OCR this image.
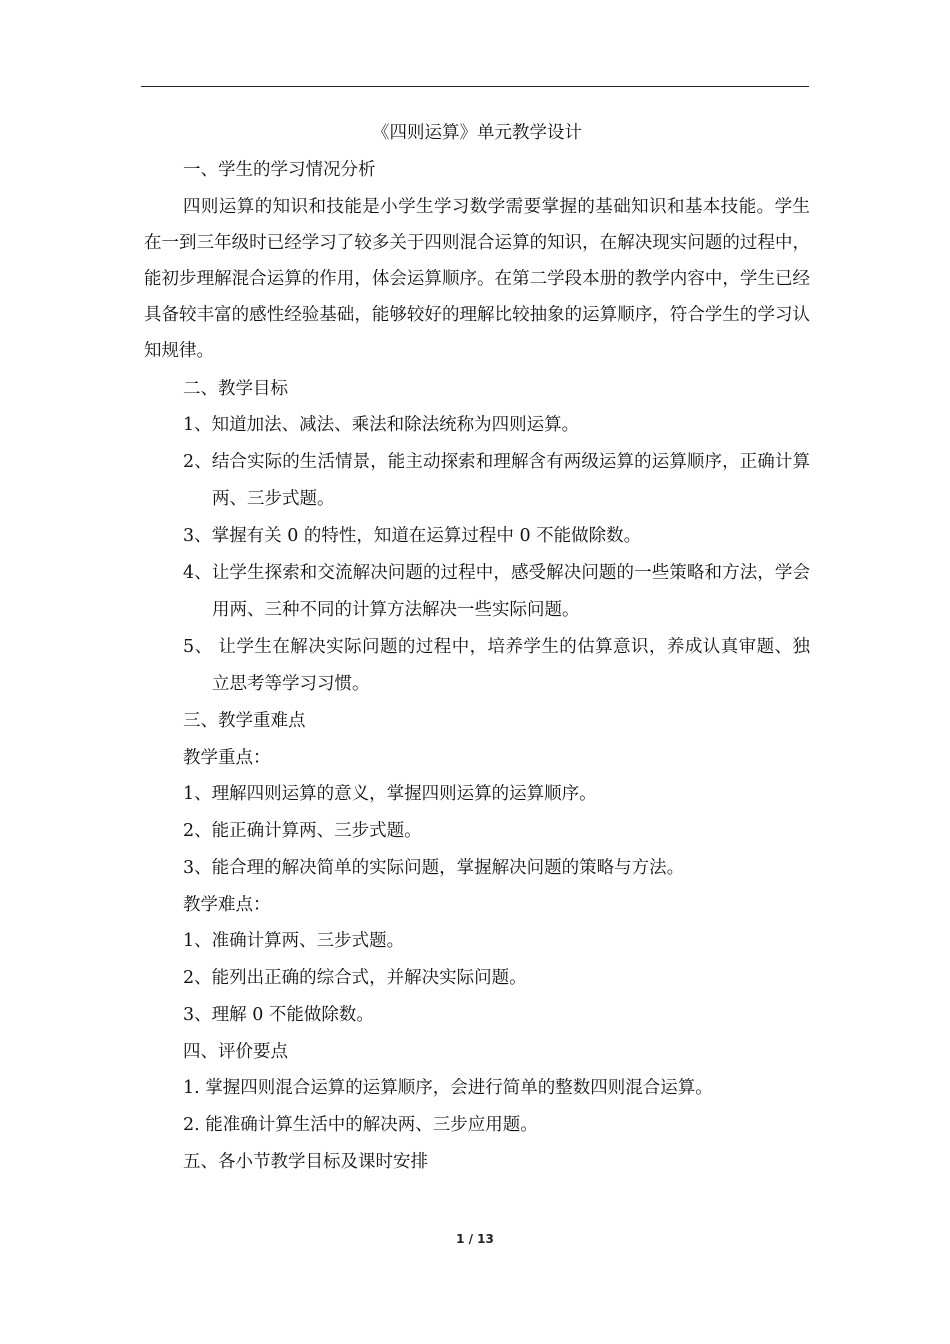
《四则运算》单元教学设计
一、学生的学习情况分析
四则运算的知识和技能是小学生学习数学需要掌握的基础知识和基本技能。学生在一到三年级时已经学习了较多关于四则混合运算的知识，在解决现实问题的过程中，能初步理解混合运算的作用，体会运算顺序。在第二学段本册的教学内容中，学生已经具备较丰富的感性经验基础，能够较好的理解比较抽象的运算顺序，符合学生的学习认知规律。
二、教学目标
1、知道加法、减法、乘法和除法统称为四则运算。
2、结合实际的生活情景，能主动探索和理解含有两级运算的运算顺序，正确计算两、三步式题。
3、掌握有关 0 的特性，知道在运算过程中 0 不能做除数。
4、让学生探索和交流解决问题的过程中，感受解决问题的一些策略和方法，学会用两、三种不同的计算方法解决一些实际问题。
5、 让学生在解决实际问题的过程中，培养学生的估算意识，养成认真审题、独立思考等学习习惯。
三、教学重难点
教学重点：
1、理解四则运算的意义，掌握四则运算的运算顺序。
2、能正确计算两、三步式题。
3、能合理的解决简单的实际问题，掌握解决问题的策略与方法。
教学难点：
1、准确计算两、三步式题。
2、能列出正确的综合式，并解决实际问题。
3、理解 0 不能做除数。
四、评价要点
1. 掌握四则混合运算的运算顺序，会进行简单的整数四则混合运算。
2. 能准确计算生活中的解决两、三步应用题。
五、各小节教学目标及课时安排
1 / 13
